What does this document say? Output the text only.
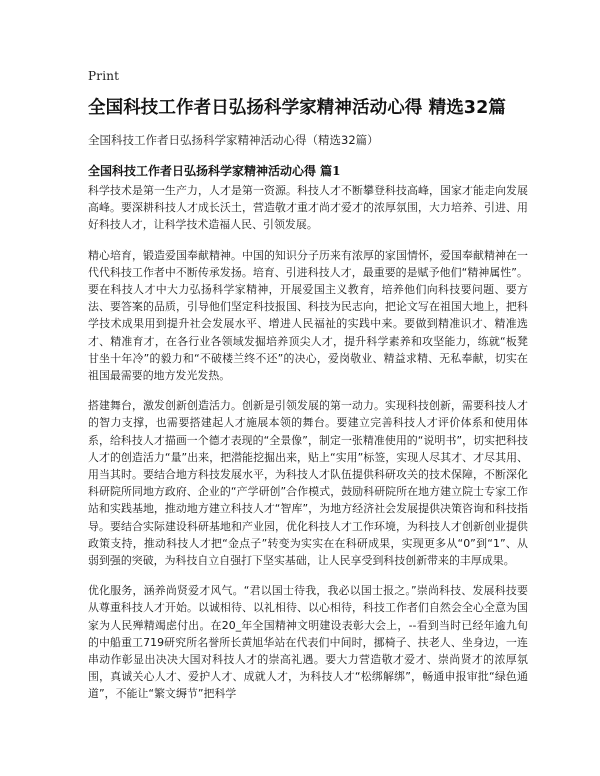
Print
全国科技工作者日弘扬科学家精神活动心得 精选32篇
全国科技工作者日弘扬科学家精神活动心得（精选32篇）
全国科技工作者日弘扬科学家精神活动心得 篇1

科学技术是第一生产力，人才是第一资源。科技人才不断攀登科技高峰，国家才能走向发展高峰。要深耕科技人才成长沃土，营造敬才重才尚才爱才的浓厚氛围，大力培养、引进、用好科技人才，让科学技术造福人民、引领发展。

精心培育，锻造爱国奉献精神。中国的知识分子历来有浓厚的家国情怀，爱国奉献精神在一代代科技工作者中不断传承发扬。培育、引进科技人才，最重要的是赋予他们“精神属性”。要在科技人才中大力弘扬科学家精神，开展爱国主义教育，培养他们向科技要问题、要方法、要答案的品质，引导他们坚定科技报国、科技为民志向，把论文写在祖国大地上，把科学技术成果用到提升社会发展水平、增进人民福祉的实践中来。要做到精准识才、精准选才、精准育才，在各行业各领域发掘培养顶尖人才，提升科学素养和攻坚能力，练就“板凳甘坐十年冷”的毅力和“不破楼兰终不还”的决心，爱岗敬业、精益求精、无私奉献，切实在祖国最需要的地方发光发热。

搭建舞台，激发创新创造活力。创新是引领发展的第一动力。实现科技创新，需要科技人才的智力支撑，也需要搭建起人才施展本领的舞台。要建立完善科技人才评价体系和使用体系，给科技人才描画一个德才表现的“全景像”，制定一张精准使用的“说明书”，切实把科技人才的创造活力“量”出来，把潜能挖掘出来，贴上“实用”标签，实现人尽其才、才尽其用、用当其时。要结合地方科技发展水平，为科技人才队伍提供科研攻关的技术保障，不断深化科研院所同地方政府、企业的“产学研创”合作模式，鼓励科研院所在地方建立院士专家工作站和实践基地，推动地方建立科技人才“智库”，为地方经济社会发展提供决策咨询和科技指导。要结合实际建设科研基地和产业园，优化科技人才工作环境，为科技人才创新创业提供政策支持，推动科技人才把“金点子”转变为实实在在科研成果，实现更多从“0”到“1”、从弱到强的突破，为科技自立自强打下坚实基础，让人民享受到科技创新带来的丰厚成果。

优化服务，涵养尚贤爱才风气。“君以国士待我，我必以国士报之。”崇尚科技、发展科技要从尊重科技人才开始。以诚相待、以礼相待、以心相待，科技工作者们自然会全心全意为国家为人民殚精竭虑付出。在20_年全国精神文明建设表彰大会上，--看到当时已经年逾九旬的中船重工719研究所名誉所长黄旭华站在代表们中间时，挪椅子、扶老人、坐身边，一连串动作彰显出决决大国对科技人才的崇高礼遇。要大力营造敬才爱才、崇尚贤才的浓厚氛围，真诚关心人才、爱护人才、成就人才，为科技人才“松绑解绑”，畅通申报审批“绿色通道”，不能让“繁文缛节”把科学
